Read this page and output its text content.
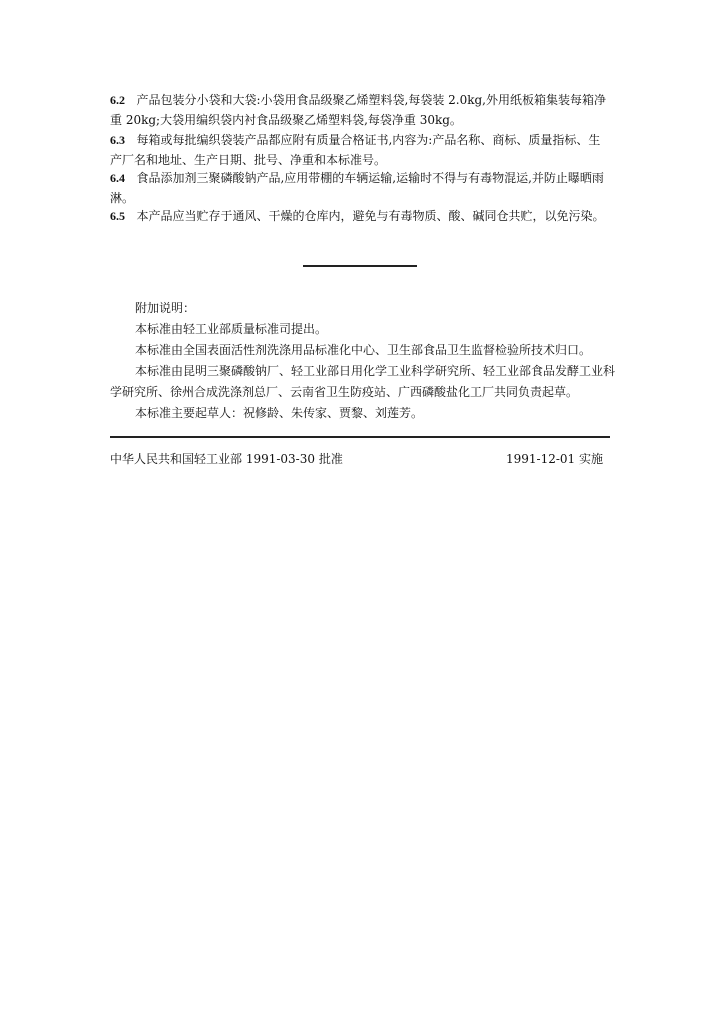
6.2 产品包装分小袋和大袋:小袋用食品级聚乙烯塑料袋,每袋装 2.0kg,外用纸板箱集装每箱净重 20kg;大袋用编织袋内衬食品级聚乙烯塑料袋,每袋净重 30kg。
6.3 每箱或每批编织袋装产品都应附有质量合格证书,内容为:产品名称、商标、质量指标、生产厂名和地址、生产日期、批号、净重和本标准号。
6.4 食品添加剂三聚磷酸钠产品,应用带棚的车辆运输,运输时不得与有毒物混运,并防止曝晒雨淋。
6.5 本产品应当贮存于通风、干燥的仓库内，避免与有毒物质、酸、碱同仓共贮，以免污染。
附加说明：
本标准由轻工业部质量标准司提出。
本标准由全国表面活性剂洗涤用品标准化中心、卫生部食品卫生监督检验所技术归口。
本标准由昆明三聚磷酸钠厂、轻工业部日用化学工业科学研究所、轻工业部食品发酵工业科学研究所、徐州合成洗涤剂总厂、云南省卫生防疫站、广西磷酸盐化工厂共同负责起草。
本标准主要起草人：祝修龄、朱传家、贾黎、刘莲芳。
中华人民共和国轻工业部 1991-03-30 批准	1991-12-01 实施
